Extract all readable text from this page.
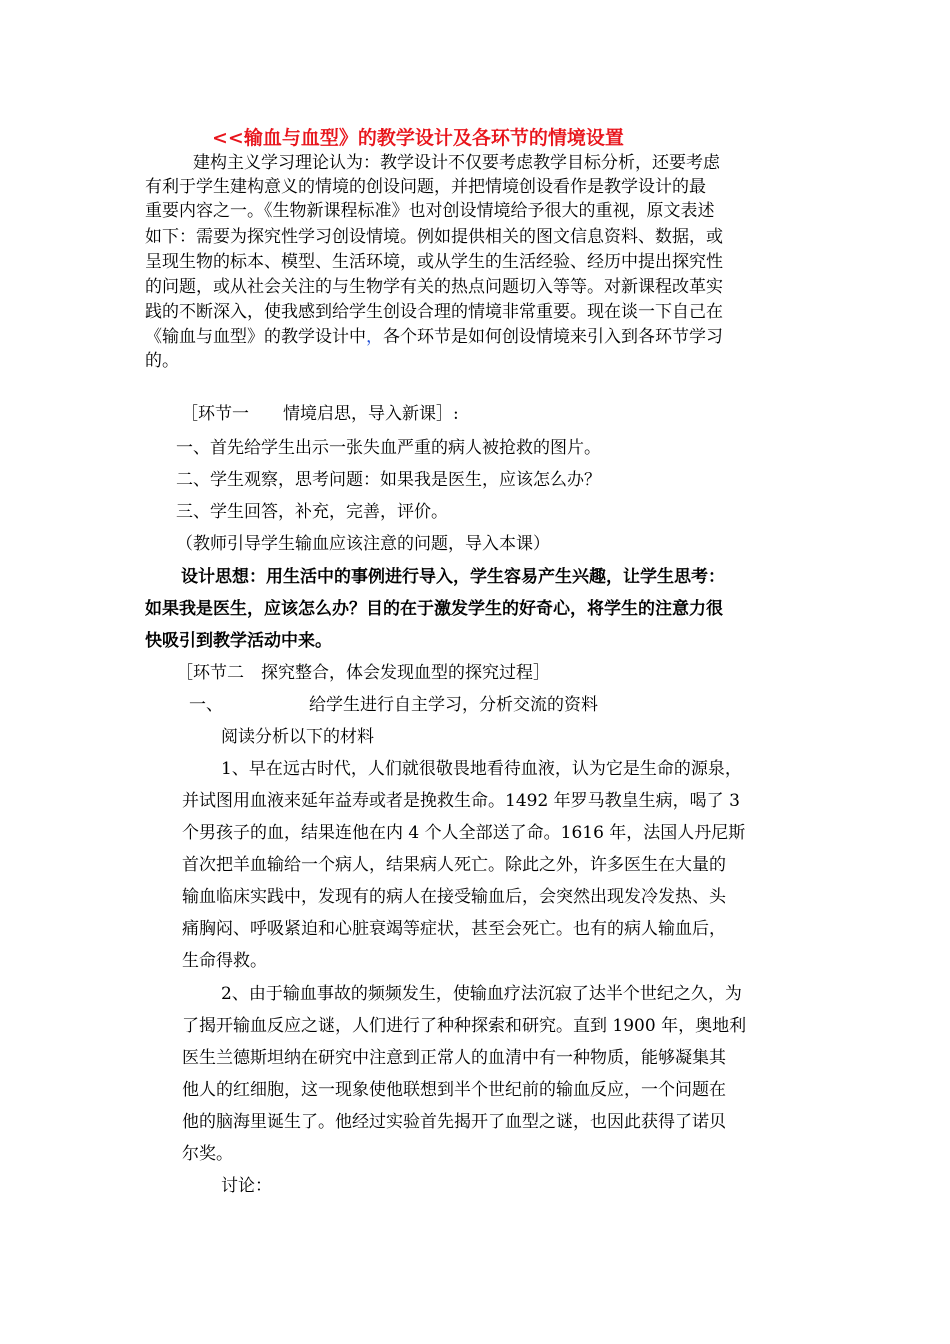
<<输血与血型》的教学设计及各环节的情境设置
建构主义学习理论认为：教学设计不仅要考虑教学目标分析，还要考虑
有利于学生建构意义的情境的创设问题，并把情境创设看作是教学设计的最
重要内容之一。《生物新课程标准》也对创设情境给予很大的重视，原文表述
如下：需要为探究性学习创设情境。例如提供相关的图文信息资料、数据，或
呈现生物的标本、模型、生活环境，或从学生的生活经验、经历中提出探究性
的问题，或从社会关注的与生物学有关的热点问题切入等等。对新课程改革实
践的不断深入，使我感到给学生创设合理的情境非常重要。现在谈一下自己在
《输血与血型》的教学设计中，各个环节是如何创设情境来引入到各环节学习
的。
［环节一　　情境启思，导入新课］:
一、首先给学生出示一张失血严重的病人被抢救的图片。
二、学生观察，思考问题：如果我是医生，应该怎么办？
三、学生回答，补充，完善，评价。
（教师引导学生输血应该注意的问题，导入本课）
设计思想：用生活中的事例进行导入，学生容易产生兴趣，让学生思考：
如果我是医生，应该怎么办？目的在于激发学生的好奇心，将学生的注意力很
快吸引到教学活动中来。
［环节二　探究整合，体会发现血型的探究过程］
一、	给学生进行自主学习，分析交流的资料
阅读分析以下的材料
1、早在远古时代，人们就很敬畏地看待血液，认为它是生命的源泉，
并试图用血液来延年益寿或者是挽救生命。1492 年罗马教皇生病，喝了 3
个男孩子的血，结果连他在内 4 个人全部送了命。1616 年，法国人丹尼斯
首次把羊血输给一个病人，结果病人死亡。除此之外，许多医生在大量的
输血临床实践中，发现有的病人在接受输血后，会突然出现发冷发热、头
痛胸闷、呼吸紧迫和心脏衰竭等症状，甚至会死亡。也有的病人输血后，
生命得救。
2、由于输血事故的频频发生，使输血疗法沉寂了达半个世纪之久，为
了揭开输血反应之谜，人们进行了种种探索和研究。直到 1900 年，奥地利
医生兰德斯坦纳在研究中注意到正常人的血清中有一种物质，能够凝集其
他人的红细胞，这一现象使他联想到半个世纪前的输血反应，一个问题在
他的脑海里诞生了。他经过实验首先揭开了血型之谜，也因此获得了诺贝
尔奖。
讨论：
